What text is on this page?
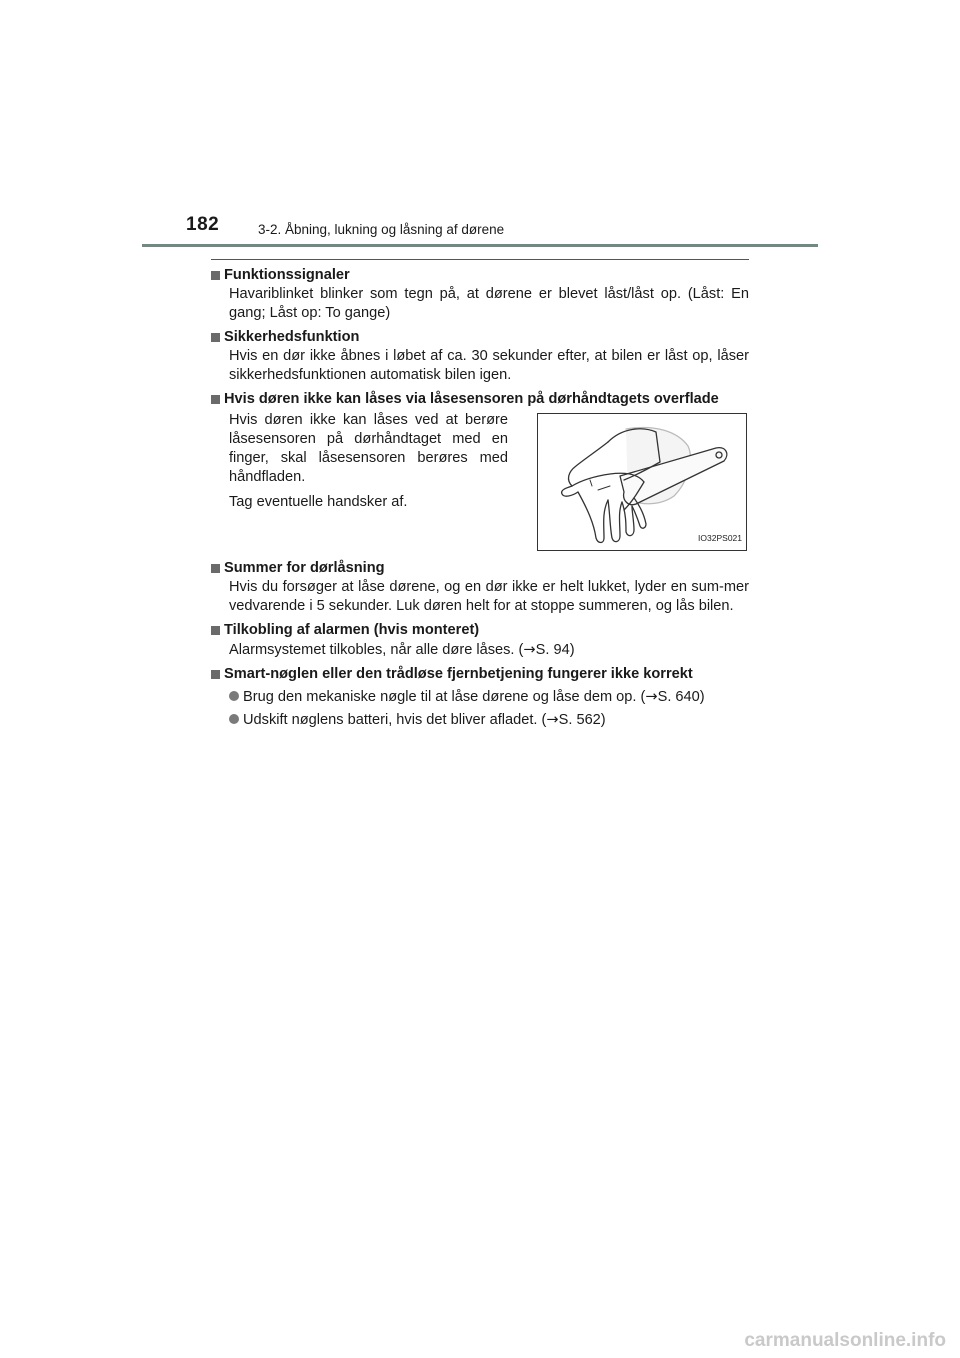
182	3-2. Åbning, lukning og låsning af dørene
Funktionssignaler
Havariblinket blinker som tegn på, at dørene er blevet låst/låst op. (Låst: En gang; Låst op: To gange)
Sikkerhedsfunktion
Hvis en dør ikke åbnes i løbet af ca. 30 sekunder efter, at bilen er låst op, låser sikkerhedsfunktionen automatisk bilen igen.
Hvis døren ikke kan låses via låsesensoren på dørhåndtagets overflade

Hvis døren ikke kan låses ved at berøre låsesensoren på dørhåndtaget med en finger, skal låsesensoren berøres med håndfladen.

Tag eventuelle handsker af.

IO32PS021
Summer for dørlåsning
Hvis du forsøger at låse dørene, og en dør ikke er helt lukket, lyder en sum-mer vedvarende i 5 sekunder. Luk døren helt for at stoppe summeren, og lås bilen.
Tilkobling af alarmen (hvis monteret)
Alarmsystemet tilkobles, når alle døre låses. (→S. 94)
Smart-nøglen eller den trådløse fjernbetjening fungerer ikke korrekt
Brug den mekaniske nøgle til at låse dørene og låse dem op. (→S. 640)
Udskift nøglens batteri, hvis det bliver afladet. (→S. 562)
carmanualsonline.info
